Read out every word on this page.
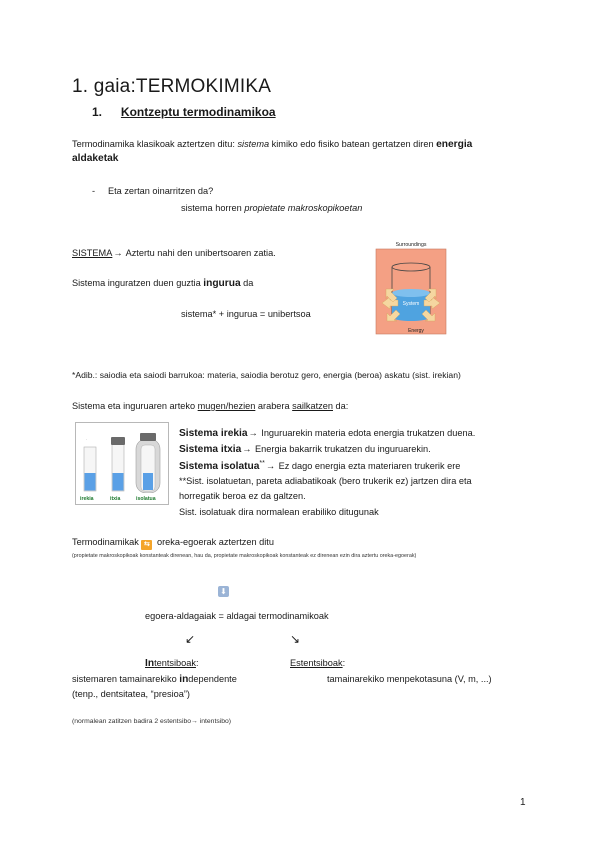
1. gaia:TERMOKIMIKA
1. Kontzeptu termodinamikoa
Termodinamika klasikoak aztertzen ditu: sistema kimiko edo fisiko batean gertatzen diren energia
aldaketak
- Eta zertan oinarritzen da?
sistema horren propietate makroskopikoetan
SISTEMA→ Aztertu nahi den unibertsoaren zatia.
Sistema inguratzen duen guztia ingurua da
sistema* + ingurua = unibertsoa
Surroundings
System
Energy
*Adib.: saiodia eta saiodi barrukoa: materia, saiodia berotuz gero, energia (beroa) askatu (sist. irekian)
Sistema eta inguruaren arteko mugen/hezien arabera sailkatzen da:
·
irekia	itxia	isolatua
Sistema irekia→ Inguruarekin materia edota energia trukatzen duena.
Sistema itxia→ Energia bakarrik trukatzen du inguruarekin.
Sistema isolatua**→ Ez dago energia ezta materiaren trukerik ere
**Sist. isolatuetan, pareta adiabatikoak (bero trukerik ez) jartzen dira eta
horregatik beroa ez da galtzen.
Sist. isolatuak dira normalean erabiliko ditugunak
Termodinamikak ⇆ oreka-egoerak aztertzen ditu
(propietate makroskopikoak konstanteak direnean, hau da, propietate makroskopikoak konstanteak ez direnean ezin dira aztertu oreka-egoerak)
⬇
egoera-aldagaiak = aldagai termodinamikoak
↙	↘
Intentsiboak:
sistemaren tamainarekiko independente
(tenp., dentsitatea, “presioa”)
Estentsiboak:
tamainarekiko menpekotasuna (V, m, ...)
(normalean zatitzen badira 2 estentsibo→ intentsibo)
1
